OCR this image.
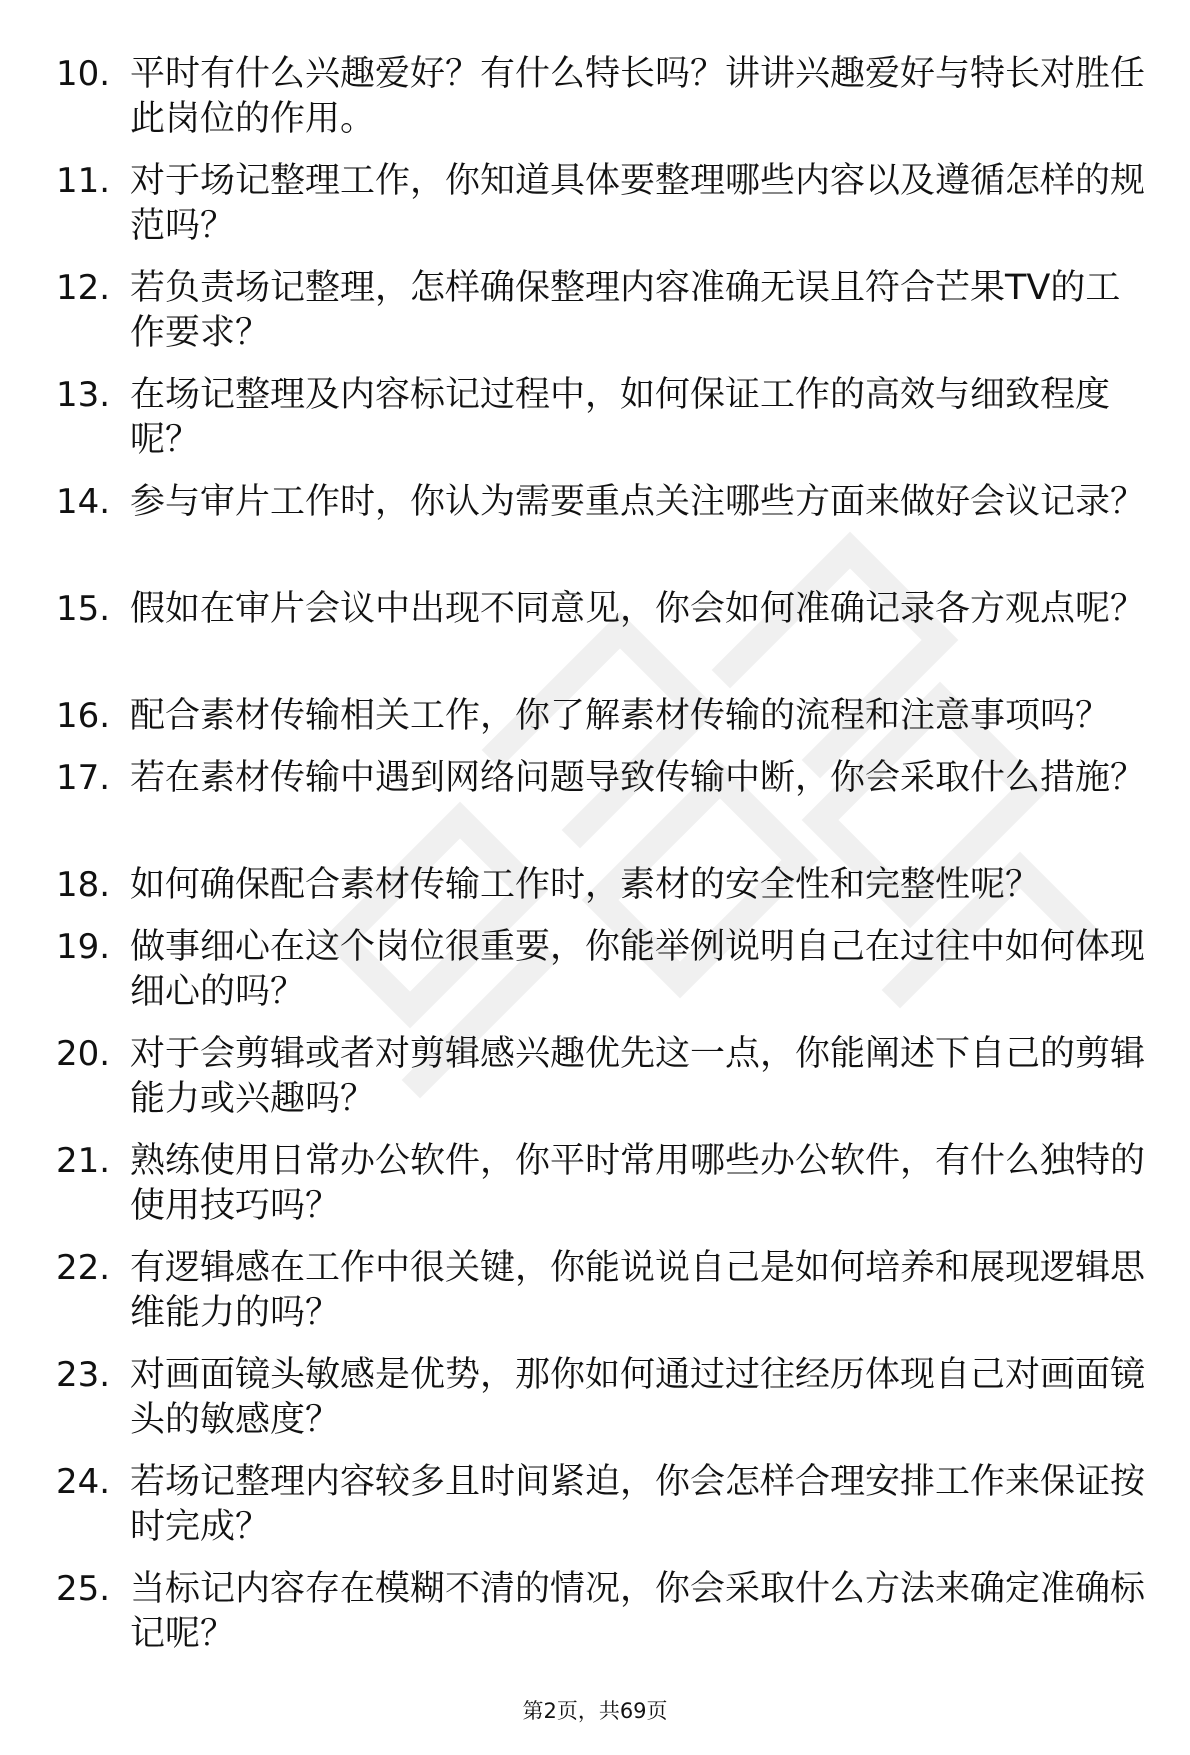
10. 平时有什么兴趣爱好？有什么特长吗？讲讲兴趣爱好与特长对胜任此岗位的作用。
11. 对于场记整理工作，你知道具体要整理哪些内容以及遵循怎样的规范吗？
12. 若负责场记整理，怎样确保整理内容准确无误且符合芒果TV的工作要求？
13. 在场记整理及内容标记过程中，如何保证工作的高效与细致程度呢？
14. 参与审片工作时，你认为需要重点关注哪些方面来做好会议记录？
15. 假如在审片会议中出现不同意见，你会如何准确记录各方观点呢？
16. 配合素材传输相关工作，你了解素材传输的流程和注意事项吗？
17. 若在素材传输中遇到网络问题导致传输中断，你会采取什么措施？
18. 如何确保配合素材传输工作时，素材的安全性和完整性呢？
19. 做事细心在这个岗位很重要，你能举例说明自己在过往中如何体现细心的吗？
20. 对于会剪辑或者对剪辑感兴趣优先这一点，你能阐述下自己的剪辑能力或兴趣吗？
21. 熟练使用日常办公软件，你平时常用哪些办公软件，有什么独特的使用技巧吗？
22. 有逻辑感在工作中很关键，你能说说自己是如何培养和展现逻辑思维能力的吗？
23. 对画面镜头敏感是优势，那你如何通过过往经历体现自己对画面镜头的敏感度？
24. 若场记整理内容较多且时间紧迫，你会怎样合理安排工作来保证按时完成？
25. 当标记内容存在模糊不清的情况，你会采取什么方法来确定准确标记呢？
第2页，共69页
